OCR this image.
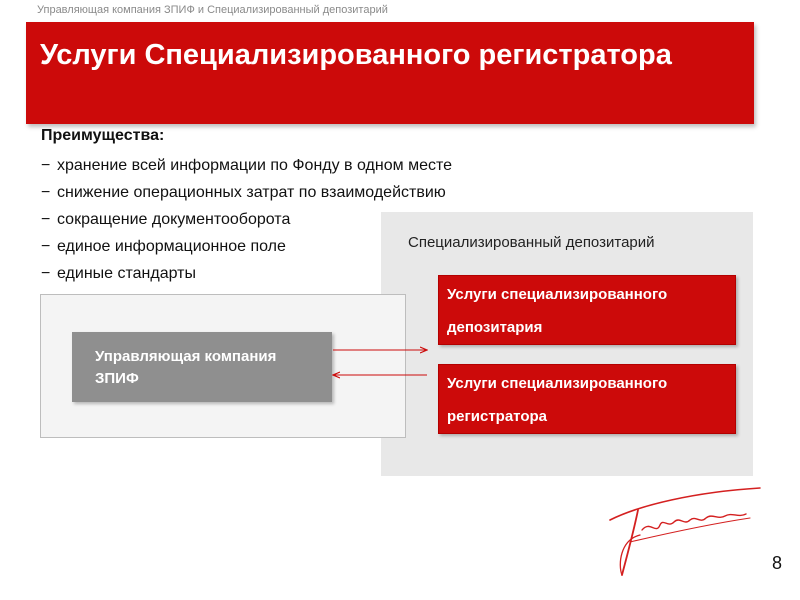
Управляющая компания ЗПИФ и Специализированный депозитарий
Услуги Специализированного регистратора
Преимущества:
− хранение всей информации по Фонду в одном месте
− снижение операционных затрат по взаимодействию
− сокращение документооборота
− единое информационное поле
− единые стандарты
Специализированный депозитарий
Услуги специализированного
депозитария
Услуги специализированного
регистратора
Управляющая компания
ЗПИФ
8
